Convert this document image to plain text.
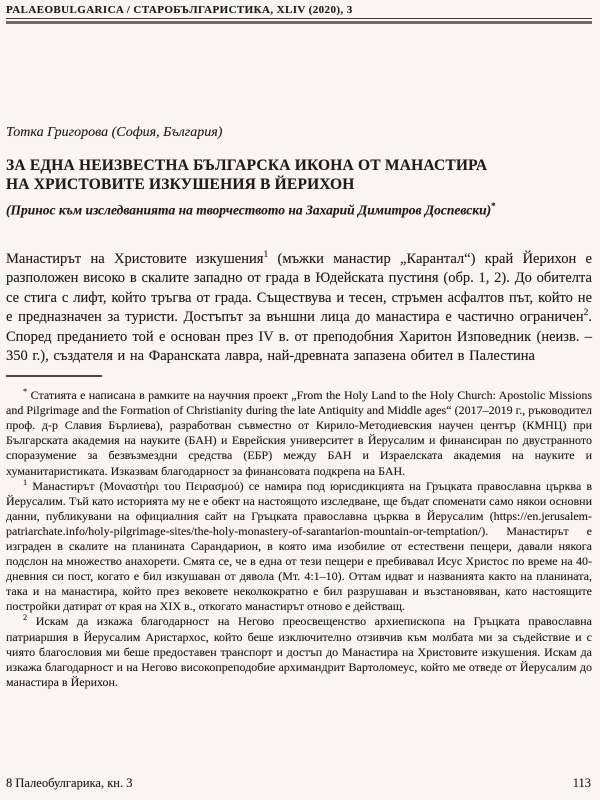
PALAEOBULGARICA / СТАРОБЪЛГАРИСТИКА, XLIV (2020), 3
Тотка Григорова (София, България)
ЗА ЕДНА НЕИЗВЕСТНА БЪЛГАРСКА ИКОНА ОТ МАНАСТИРА
НА ХРИСТОВИТЕ ИЗКУШЕНИЯ В ЙЕРИХОН
(Принос към изследванията на творчеството на Захарий Димитров Доспевски)*

Манастирът на Христовите изкушения$^1$ (мъжки манастир „Карантал“) край Йерихон е разположен високо в скалите западно от града в Юдейската пустиня (обр. 1, 2). До обителта се стига с лифт, който тръгва от града. Съществува и тесен, стръмен асфалтов път, който не е предназначен за туристи. Достъпът за външни лица до манастира е частично ограничен$^2$. Според преданието той е основан през IV в. от преподобния Харитон Изповедник (неизв. – 350 г.), създателя и на Фаранската лавра, най-древната запазена обител в Палестина

* Статията е написана в рамките на научния проект „From the Holy Land to the Holy Church: Apostolic Missions and Pilgrimage and the Formation of Christianity during the late Antiquity and Middle ages“ (2017–2019 г., ръководител проф. д-р Славия Бърлиева), разработван съвместно от Кирило-Методиевския научен център (КМНЦ) при Българската академия на науките (БАН) и Еврейския университет в Йерусалим и финансиран по двустранното споразумение за безвъзмездни средства (ЕБР) между БАН и Израелската академия на науките и хуманитаристиката. Изказвам благодарност за финансовата подкрепа на БАН.

$^1$ Манастирът (Μοναστήρι του Πειρασμού) се намира под юрисдикцията на Гръцката православна църква в Йерусалим. Тъй като историята му не е обект на настоящото изследване, ще бъдат споменати само някои основни данни, публикувани на официалния сайт на Гръцката православна църква в Йерусалим (https://en.jerusalem-patriarchate.info/holy-pilgrimage-sites/the-holy-monastery-of-sarantarion-mountain-or-temptation/). Манастирът е изграден в скалите на планината Сарандарион, в която има изобилие от естествени пещери, давали някога подслон на множество анахорети. Смята се, че в една от тези пещери е пребивавал Исус Христос по време на 40-дневния си пост, когато е бил изкушаван от дявола (Мт. 4:1–10). Оттам идват и названията както на планината, така и на манастира, който през вековете неколкократно е бил разрушаван и възстановяван, като настоящите постройки датират от края на XIX в., откогато манастирът отново е действащ.

$^2$ Искам да изкажа благодарност на Негово преосвещенство архиепископа на Гръцката православна патриаршия в Йерусалим Аристархос, който беше изключително отзивчив към молбата ми за съдействие и с чиято благословия ми беше предоставен транспорт и достъп до Манастира на Христовите изкушения. Искам да изкажа благодарност и на Негово високопреподобие архимандрит Вартоломеус, който ме отведе от Йерусалим до манастира в Йерихон.

8 Палеобулгарика, кн. 3	113
